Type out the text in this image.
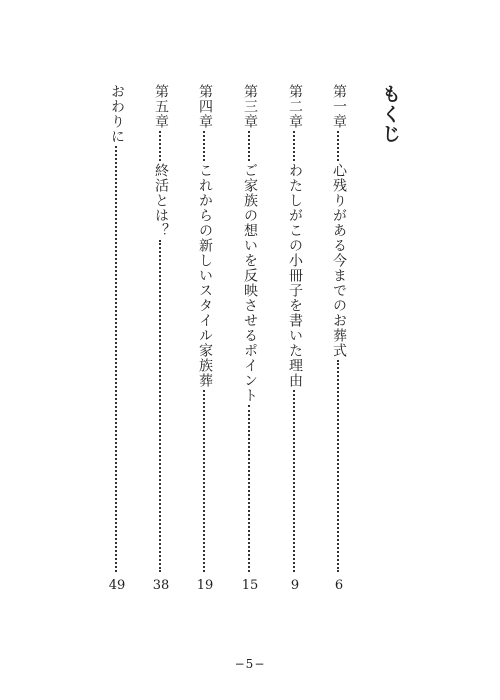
もくじ
第一章
心残りがある今までのお葬式
6
第二章
わたしがこの小冊子を書いた理由
9
第三章
ご家族の想いを反映させるポイント
15
第四章
これからの新しいスタイル家族葬
19
第五章
終活とは？
38
おわりに
49
−5−
